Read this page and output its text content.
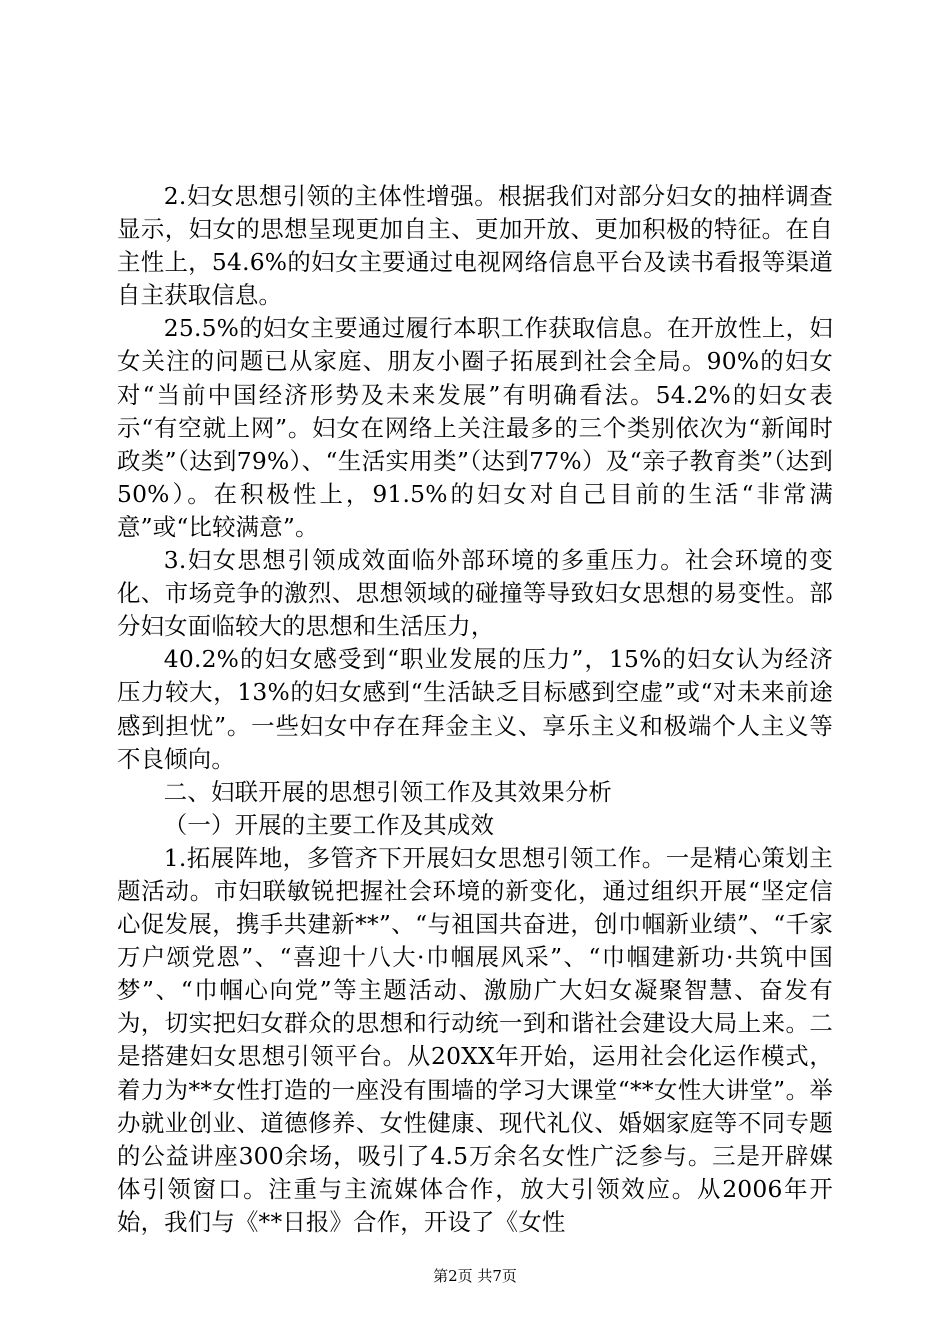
2.妇女思想引领的主体性增强。根据我们对部分妇女的抽样调查显示，妇女的思想呈现更加自主、更加开放、更加积极的特征。在自主性上，54.6%的妇女主要通过电视网络信息平台及读书看报等渠道自主获取信息。

25.5%的妇女主要通过履行本职工作获取信息。在开放性上，妇女关注的问题已从家庭、朋友小圈子拓展到社会全局。90%的妇女对“当前中国经济形势及未来发展”有明确看法。54.2%的妇女表示“有空就上网”。妇女在网络上关注最多的三个类别依次为“新闻时政类”（达到79%）、“生活实用类”（达到77%）及“亲子教育类”（达到50%）。在积极性上，91.5%的妇女对自己目前的生活“非常满意”或“比较满意”。

3.妇女思想引领成效面临外部环境的多重压力。社会环境的变化、市场竞争的激烈、思想领域的碰撞等导致妇女思想的易变性。部分妇女面临较大的思想和生活压力，

40.2%的妇女感受到“职业发展的压力”，15%的妇女认为经济压力较大，13%的妇女感到“生活缺乏目标感到空虚”或“对未来前途感到担忧”。一些妇女中存在拜金主义、享乐主义和极端个人主义等不良倾向。

二、妇联开展的思想引领工作及其效果分析

（一）开展的主要工作及其成效

1.拓展阵地，多管齐下开展妇女思想引领工作。一是精心策划主题活动。市妇联敏锐把握社会环境的新变化，通过组织开展“坚定信心促发展，携手共建新**”、“与祖国共奋进，创巾帼新业绩”、“千家万户颂党恩”、“喜迎十八大·巾帼展风采”、“巾帼建新功·共筑中国梦”、“巾帼心向党”等主题活动、激励广大妇女凝聚智慧、奋发有为，切实把妇女群众的思想和行动统一到和谐社会建设大局上来。二是搭建妇女思想引领平台。从20XX年开始，运用社会化运作模式，着力为**女性打造的一座没有围墙的学习大课堂“**女性大讲堂”。举办就业创业、道德修养、女性健康、现代礼仪、婚姻家庭等不同专题的公益讲座300余场，吸引了4.5万余名女性广泛参与。三是开辟媒体引领窗口。注重与主流媒体合作，放大引领效应。从2006年开始，我们与《**日报》合作，开设了《女性

第2页 共7页
